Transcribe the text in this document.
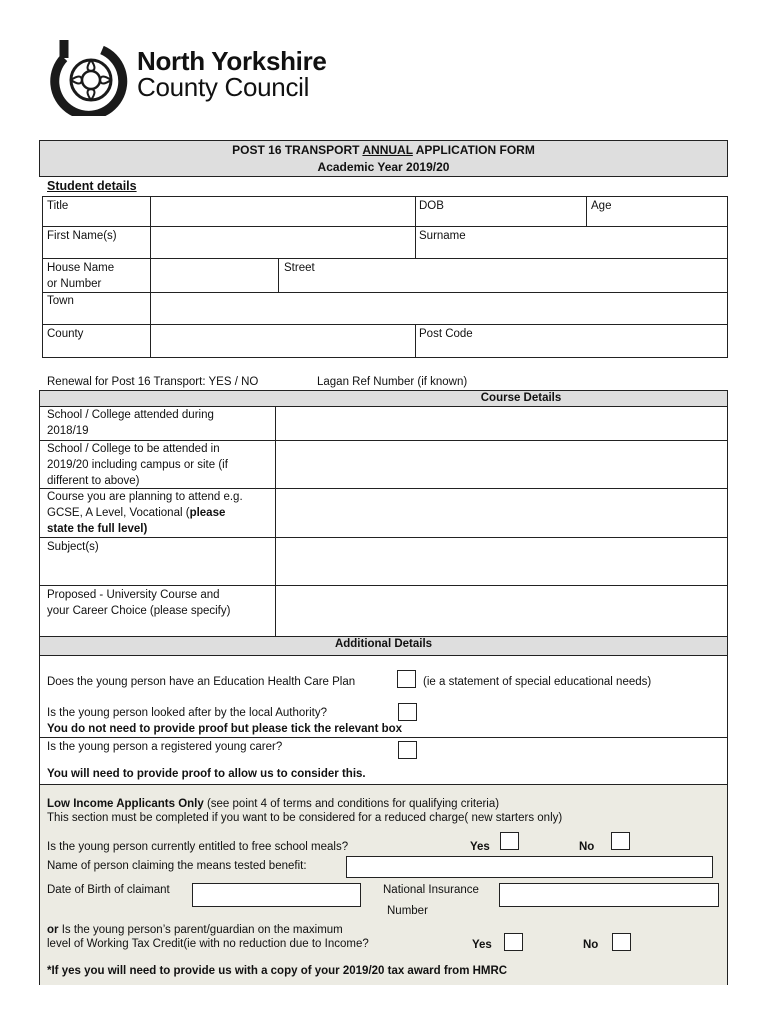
North Yorkshire
County Council
POST 16 TRANSPORT ANNUAL APPLICATION FORM
Academic Year 2019/20
Student details
Title	DOB	Age
First Name(s)	Surname
House Name
or Number
Street
Town
County	Post Code
Renewal for Post 16 Transport: YES / NO	Lagan Ref Number (if known)
Course Details
School / College attended during
2018/19
School / College to be attended in
2019/20 including campus or site (if
different to above)
Course you are planning to attend e.g.
GCSE, A Level, Vocational (please
state the full level)
Subject(s)
Proposed - University Course and
your Career Choice (please specify)
Additional Details
Does the young person have an Education Health Care Plan	(ie a statement of special educational needs)
Is the young person looked after by the local Authority?
You do not need to provide proof but please tick the relevant box
Is the young person a registered young carer?
You will need to provide proof to allow us to consider this.
Low Income Applicants Only (see point 4 of terms and conditions for qualifying criteria)
This section must be completed if you want to be considered for a reduced charge( new starters only)
Is the young person currently entitled to free school meals?	Yes	No
Name of person claiming the means tested benefit:
Date of Birth of claimant	National Insurance
Number
or Is the young person’s parent/guardian on the maximum
level of Working Tax Credit(ie with no reduction due to Income?	Yes	No
*If yes you will need to provide us with a copy of your 2019/20 tax award from HMRC
